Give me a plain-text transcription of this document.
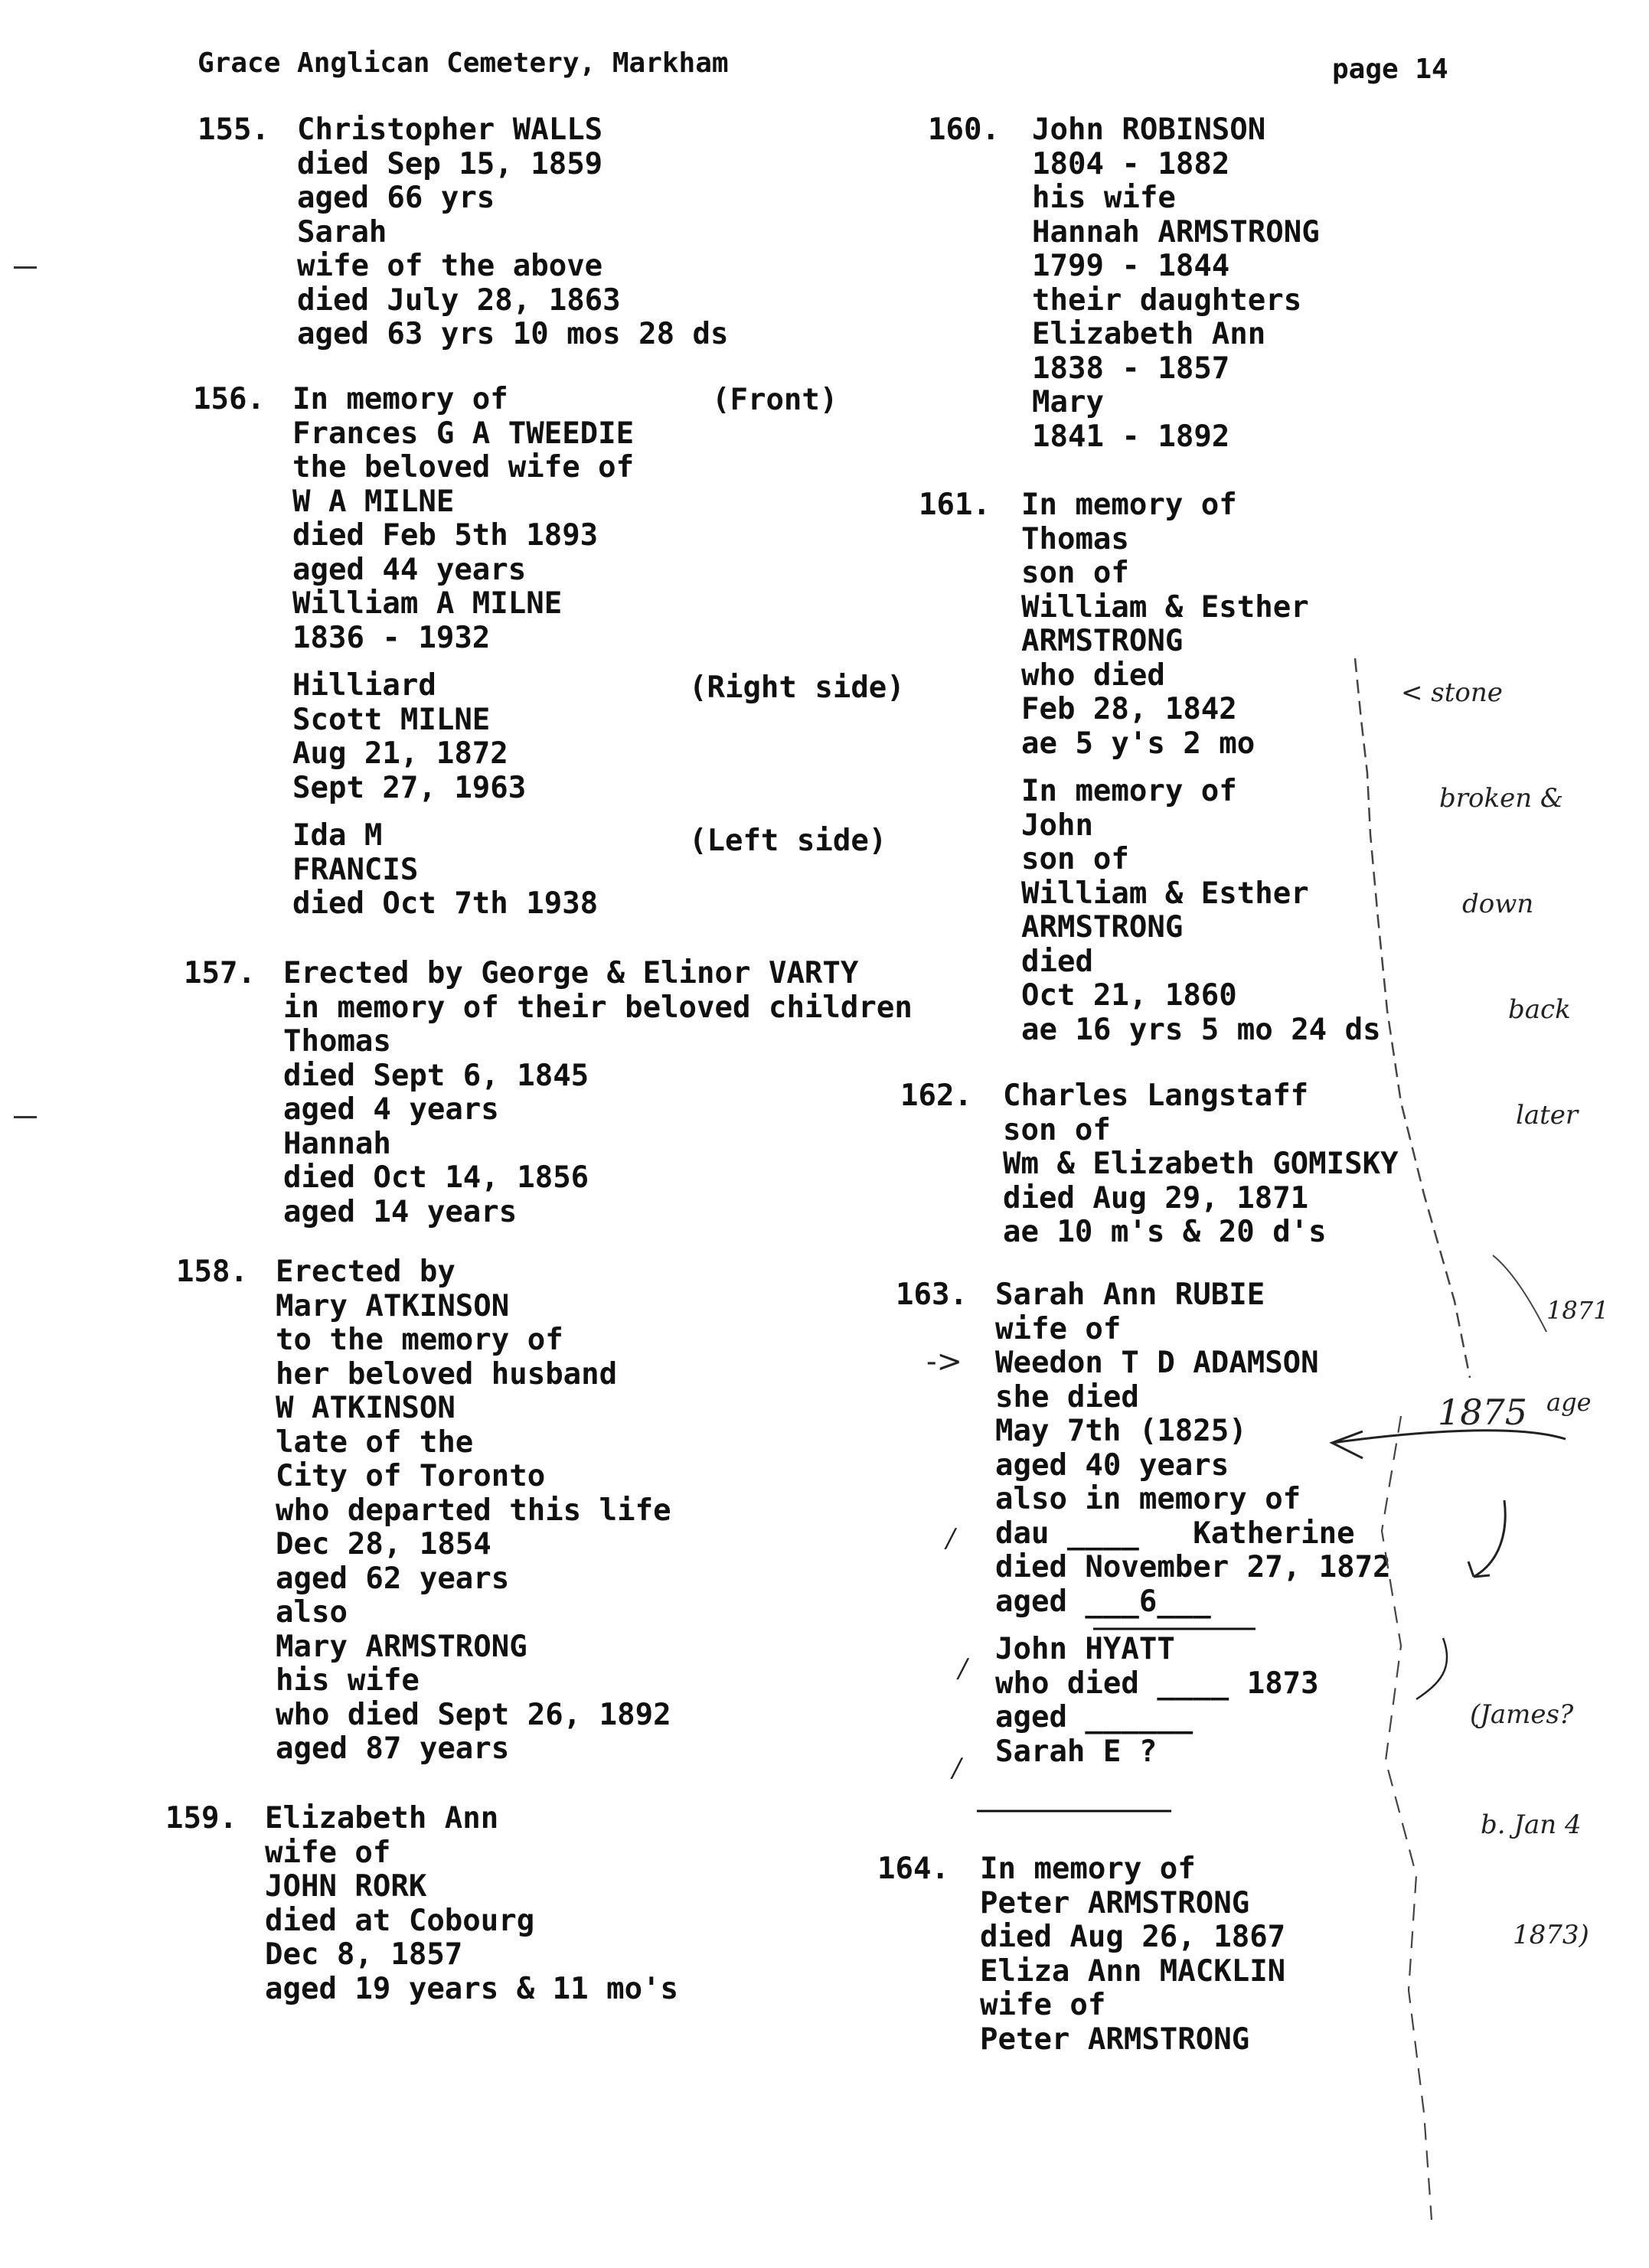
Grace Anglican Cemetery, Markham	page 14
155. Christopher WALLS
died Sep 15, 1859
aged 66 yrs
Sarah
wife of the above
died July 28, 1863
aged 63 yrs 10 mos 28 ds
156. In memory of
Frances G A TWEEDIE
the beloved wife of
W A MILNE
died Feb 5th 1893
aged 44 years
William A MILNE
1836 - 1932
Hilliard
Scott MILNE
Aug 21, 1872
Sept 27, 1963
Ida M
FRANCIS
died Oct 7th 1938
(Front)
(Right side)
(Left side)
157. Erected by George & Elinor VARTY
in memory of their beloved children
Thomas
died Sept 6, 1845
aged 4 years
Hannah
died Oct 14, 1856
aged 14 years
158. Erected by
Mary ATKINSON
to the memory of
her beloved husband
W ATKINSON
late of the
City of Toronto
who departed this life
Dec 28, 1854
aged 62 years
also
Mary ARMSTRONG
his wife
who died Sept 26, 1892
aged 87 years
159. Elizabeth Ann
wife of
JOHN RORK
died at Cobourg
Dec 8, 1857
aged 19 years & 11 mo's
160. John ROBINSON
1804 - 1882
his wife
Hannah ARMSTRONG
1799 - 1844
their daughters
Elizabeth Ann
1838 - 1857
Mary
1841 - 1892
161. In memory of
Thomas
son of
William & Esther
ARMSTRONG
who died
Feb 28, 1842
ae 5 y's 2 mo
In memory of
John
son of
William & Esther
ARMSTRONG
died
Oct 21, 1860
ae 16 yrs 5 mo 24 ds
162. Charles Langstaff
son of
Wm & Elizabeth GOMISKY
died Aug 29, 1871
ae 10 m's & 20 d's
163. Sarah Ann RUBIE
wife of
Weedon T D ADAMSON
she died
May 7th (1825)
aged 40 years
also in memory of
dau ____   Katherine
died November 27, 1872
aged ___6___
John HYATT
who died ____ 1873
aged ______
Sarah E ?
164. In memory of
Peter ARMSTRONG
died Aug 26, 1867
Eliza Ann MACKLIN
wife of
Peter ARMSTRONG

< stone

broken &

down

back

later

1871

age

1875

(James?

b. Jan 4

1873)

->
/
/
/
